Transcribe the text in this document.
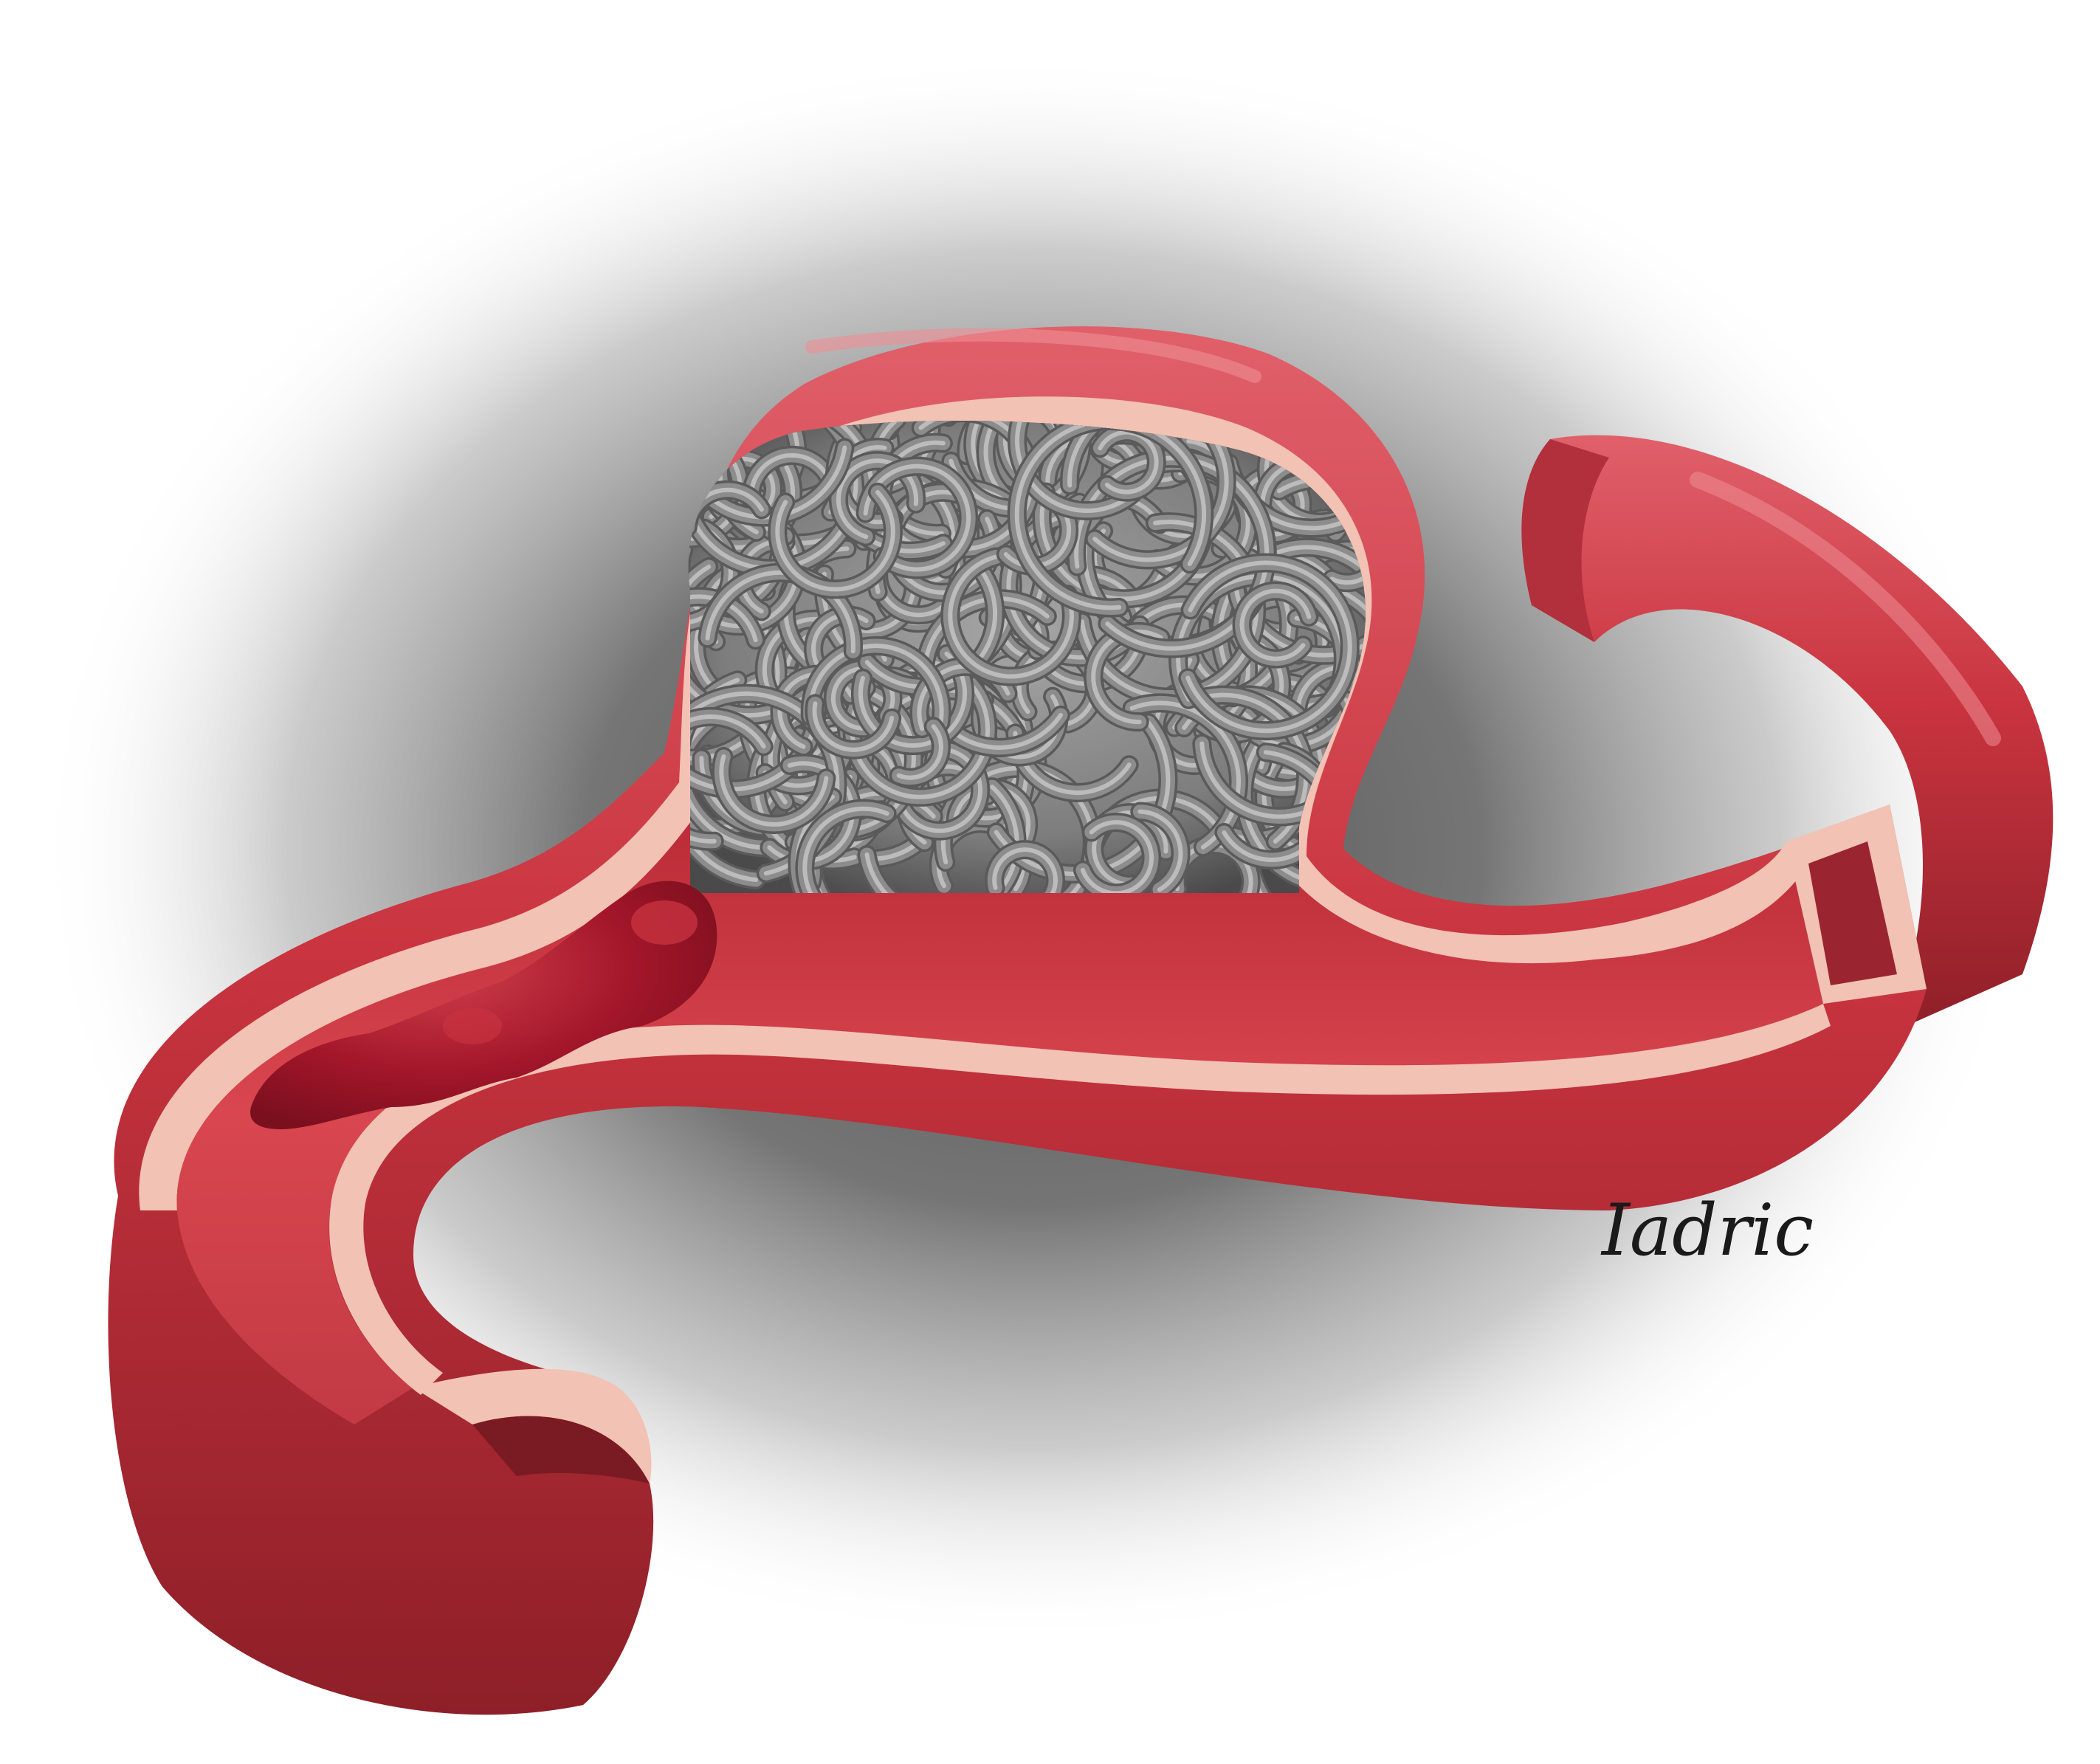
Iadric
